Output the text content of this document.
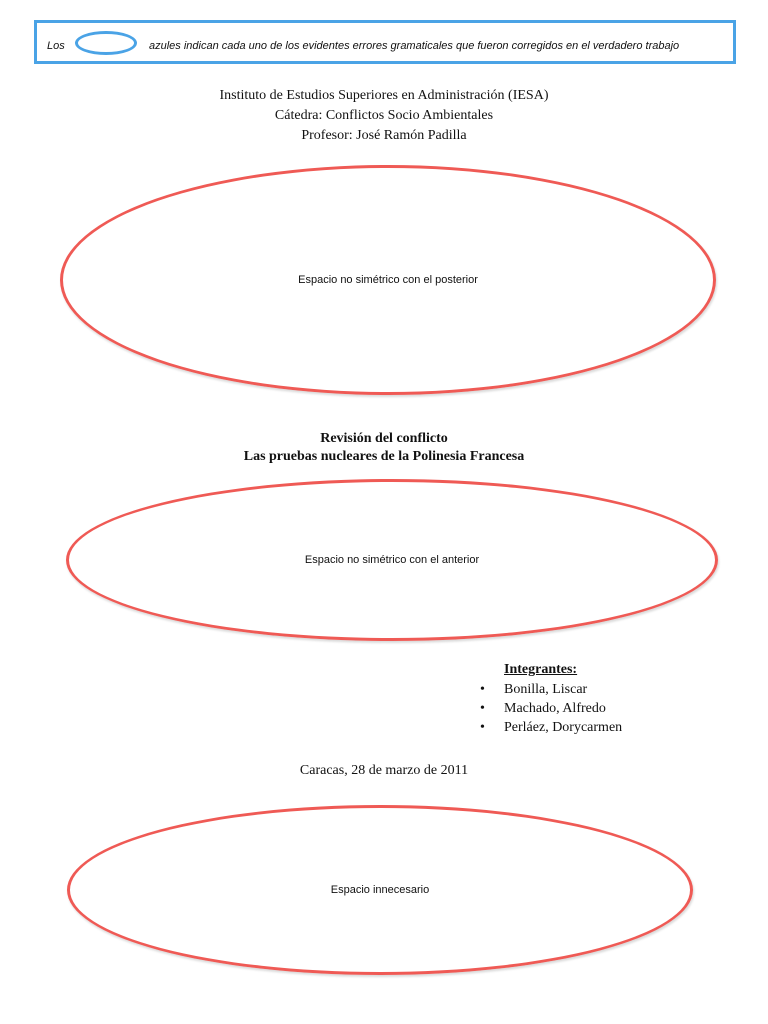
Los	azules indican cada uno de los evidentes errores gramaticales que fueron corregidos en el verdadero trabajo
Instituto de Estudios Superiores en Administración (IESA)
Cátedra: Conflictos Socio Ambientales
Profesor: José Ramón Padilla
Espacio no simétrico con el posterior
Revisión del conflicto
Las pruebas nucleares de la Polinesia Francesa
Espacio no simétrico con el anterior
Integrantes:
• Bonilla, Liscar
• Machado, Alfredo
• Perláez, Dorycarmen
Caracas, 28 de marzo de 2011
Espacio innecesario
